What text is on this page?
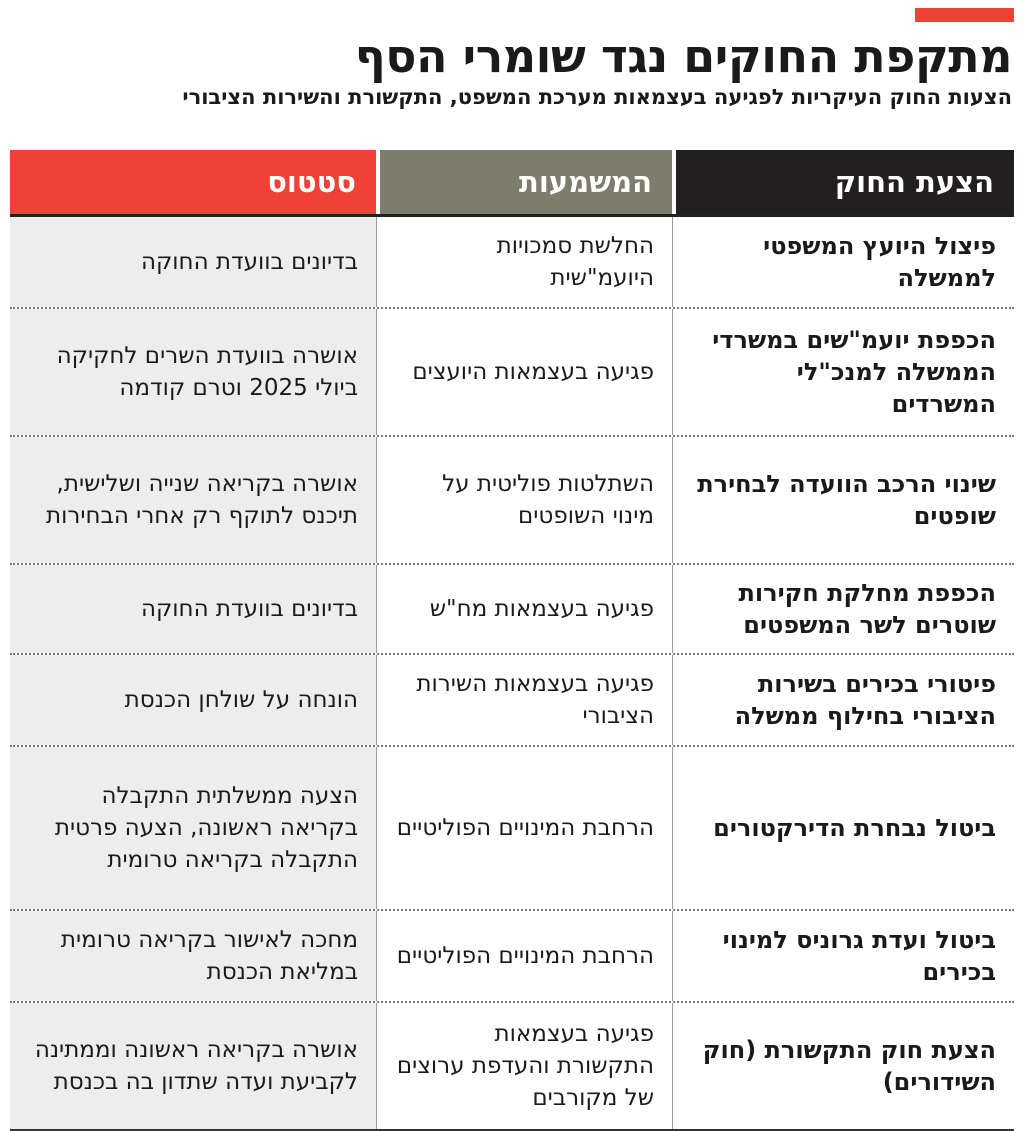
מתקפת החוקים נגד שומרי הסף
הצעות החוק העיקריות לפגיעה בעצמאות מערכת המשפט, התקשורת והשירות הציבורי
הצעת החוק
המשמעות
סטטוס
פיצול היועץ המשפטי לממשלה
החלשת סמכויות היועמ"שית
בדיונים בוועדת החוקה
הכפפת יועמ"שים במשרדי הממשלה למנכ"לי המשרדים
פגיעה בעצמאות היועצים
אושרה בוועדת השרים לחקיקה ביולי 2025 וטרם קודמה
שינוי הרכב הוועדה לבחירת שופטים
השתלטות פוליטית על מינוי השופטים
אושרה בקריאה שנייה ושלישית, תיכנס לתוקף רק אחרי הבחירות
הכפפת מחלקת חקירות שוטרים לשר המשפטים
פגיעה בעצמאות מח"ש
בדיונים בוועדת החוקה
פיטורי בכירים בשירות הציבורי בחילוף ממשלה
פגיעה בעצמאות השירות הציבורי
הונחה על שולחן הכנסת
ביטול נבחרת הדירקטורים
הרחבת המינויים הפוליטיים
הצעה ממשלתית התקבלה בקריאה ראשונה, הצעה פרטית התקבלה בקריאה טרומית
ביטול ועדת גרוניס למינוי בכירים
הרחבת המינויים הפוליטיים
מחכה לאישור בקריאה טרומית במליאת הכנסת
הצעת חוק התקשורת (חוק השידורים)
פגיעה בעצמאות התקשורת והעדפת ערוצים של מקורבים
אושרה בקריאה ראשונה וממתינה לקביעת ועדה שתדון בה בכנסת
